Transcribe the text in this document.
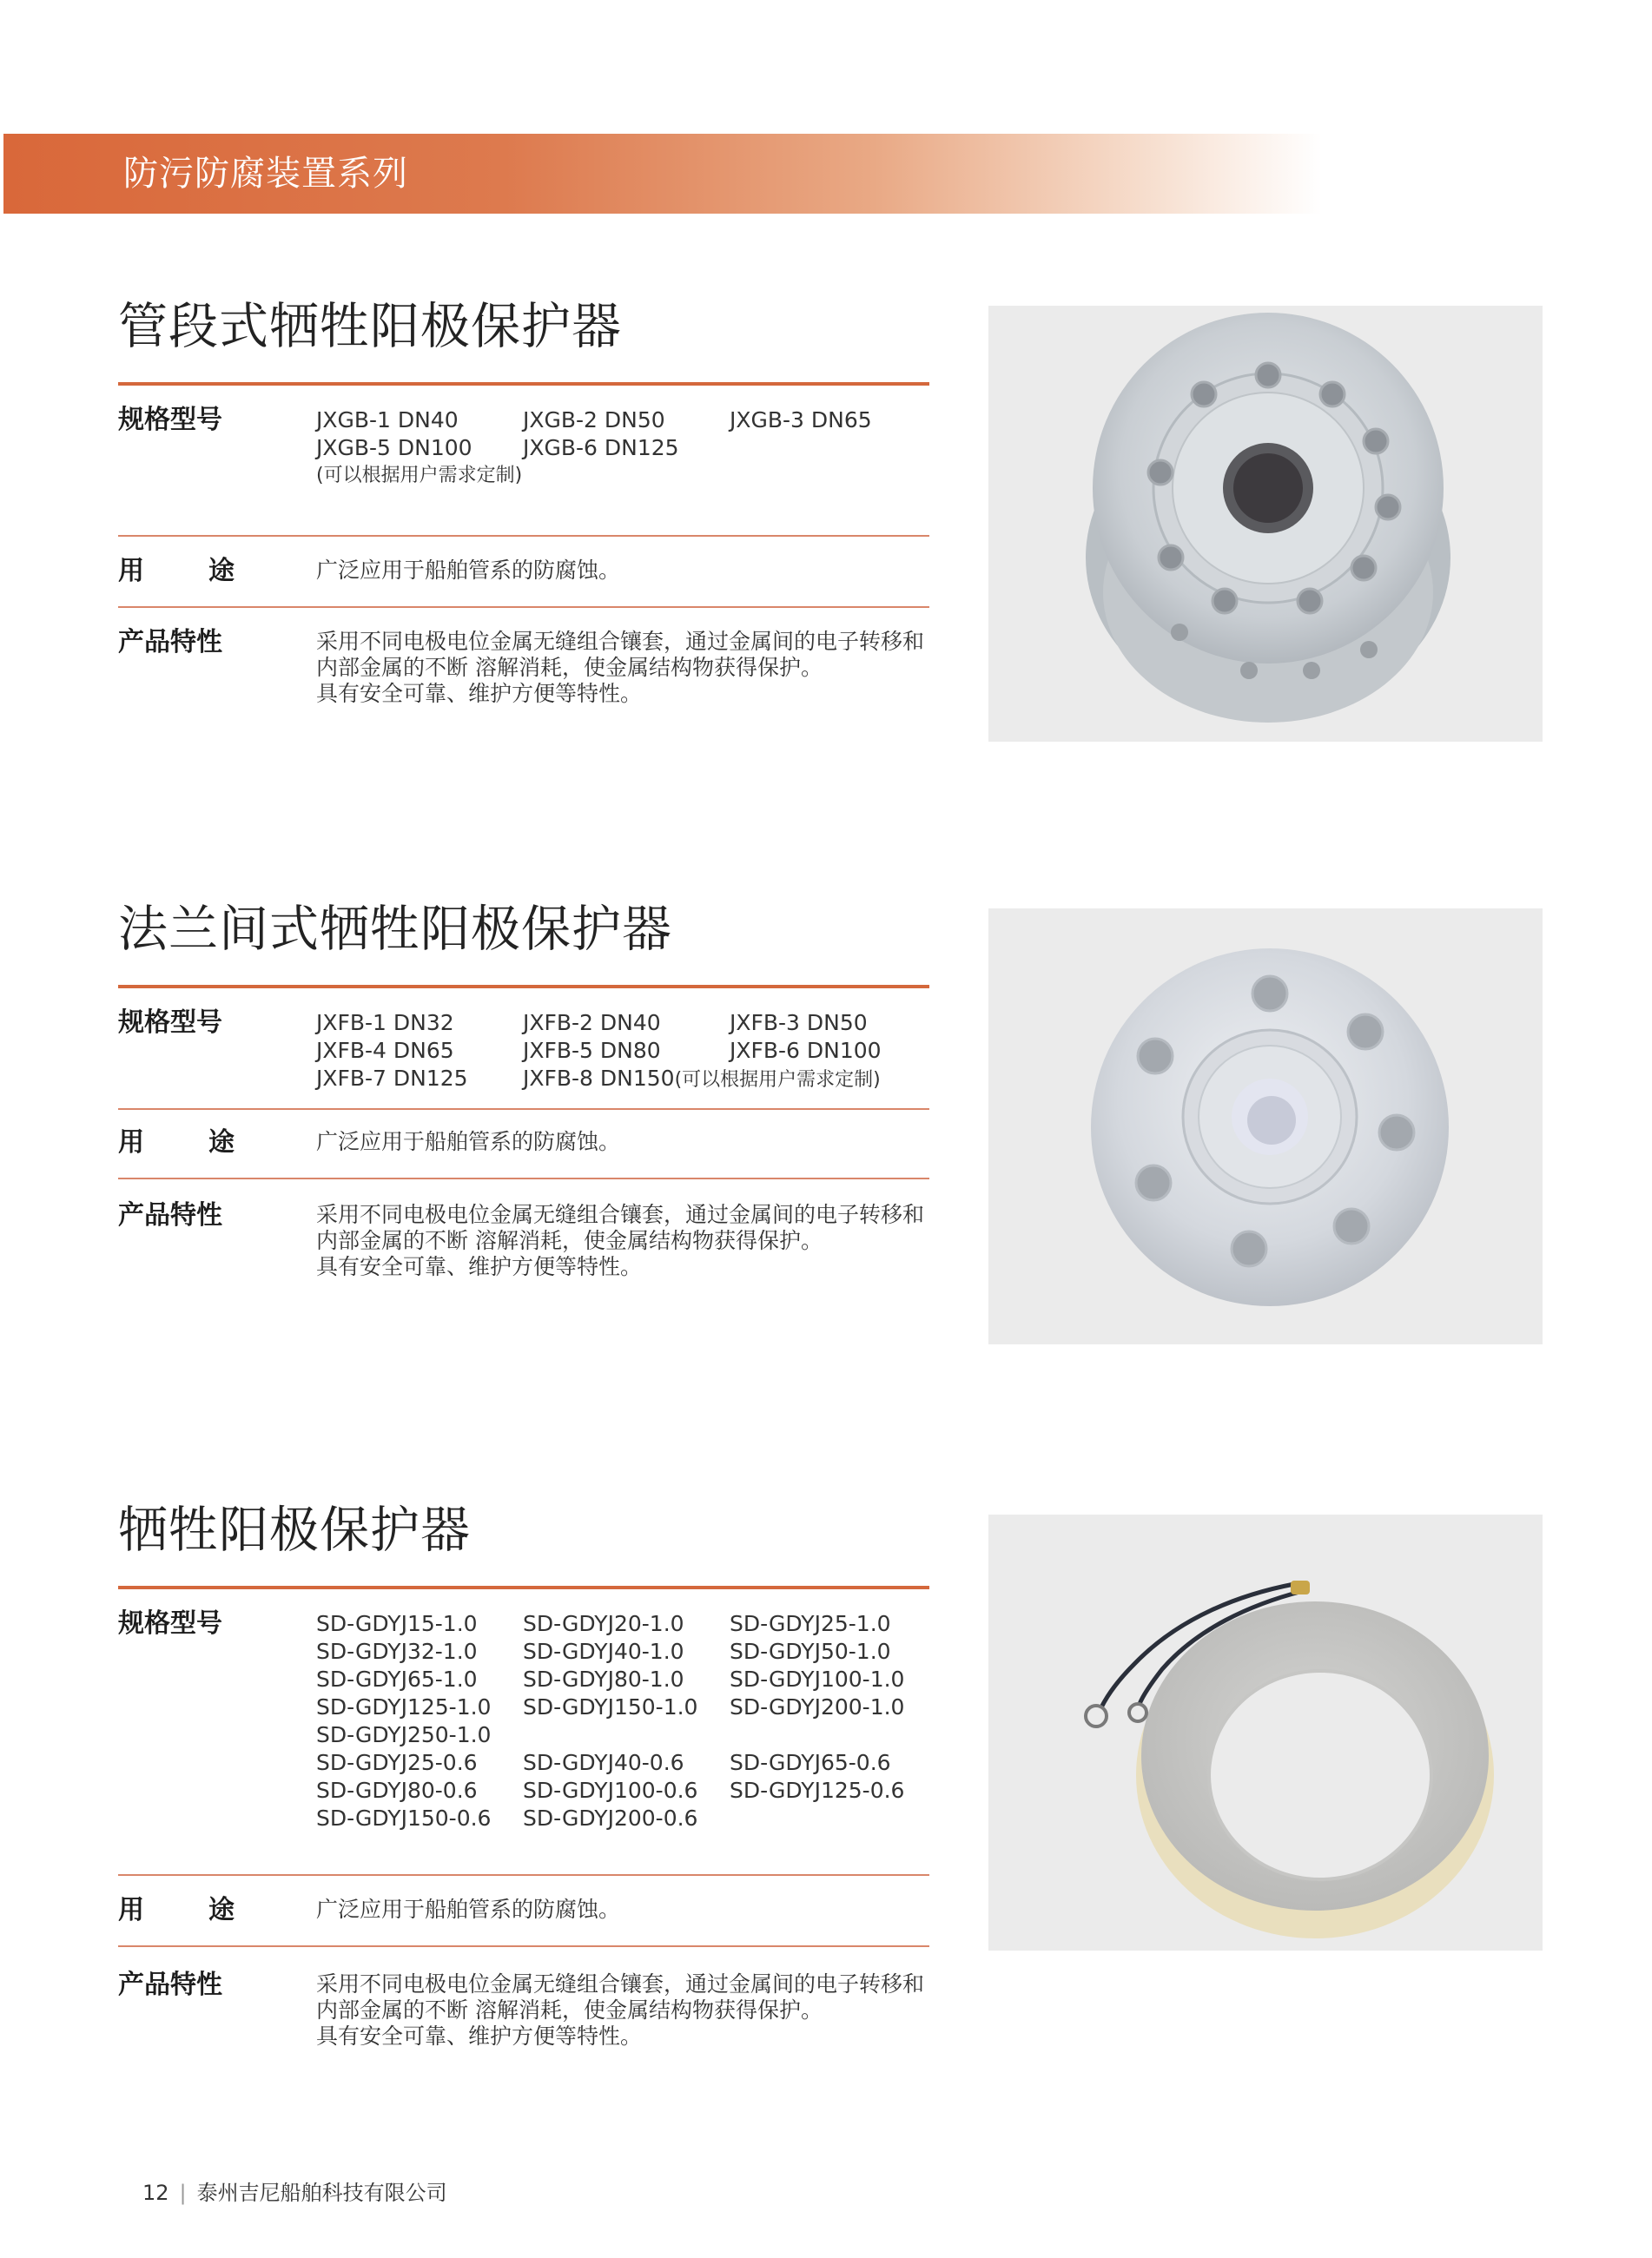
防污防腐装置系列
管段式牺牲阳极保护器
规格型号	JXGB-1 DN40	JXGB-2 DN50	JXGB-3 DN65
JXGB-5 DN100	JXGB-6 DN125
(可以根据用户需求定制)
用 途	广泛应用于船舶管系的防腐蚀。
产品特性	采用不同电极电位金属无缝组合镶套，通过金属间的电子转移和
内部金属的不断 溶解消耗，使金属结构物获得保护。
具有安全可靠、维护方便等特性。
法兰间式牺牲阳极保护器
规格型号	JXFB-1 DN32	JXFB-2 DN40	JXFB-3 DN50
JXFB-4 DN65	JXFB-5 DN80	JXFB-6 DN100
JXFB-7 DN125	JXFB-8 DN150(可以根据用户需求定制)
用 途	广泛应用于船舶管系的防腐蚀。
产品特性	采用不同电极电位金属无缝组合镶套，通过金属间的电子转移和
内部金属的不断 溶解消耗，使金属结构物获得保护。
具有安全可靠、维护方便等特性。
牺牲阳极保护器
规格型号	SD-GDYJ15-1.0	SD-GDYJ20-1.0	SD-GDYJ25-1.0
SD-GDYJ32-1.0	SD-GDYJ40-1.0	SD-GDYJ50-1.0
SD-GDYJ65-1.0	SD-GDYJ80-1.0	SD-GDYJ100-1.0
SD-GDYJ125-1.0	SD-GDYJ150-1.0	SD-GDYJ200-1.0
SD-GDYJ250-1.0
SD-GDYJ25-0.6	SD-GDYJ40-0.6	SD-GDYJ65-0.6
SD-GDYJ80-0.6	SD-GDYJ100-0.6	SD-GDYJ125-0.6
SD-GDYJ150-0.6	SD-GDYJ200-0.6
用 途	广泛应用于船舶管系的防腐蚀。
产品特性	采用不同电极电位金属无缝组合镶套，通过金属间的电子转移和
内部金属的不断 溶解消耗，使金属结构物获得保护。
具有安全可靠、维护方便等特性。
12 | 泰州吉尼船舶科技有限公司
